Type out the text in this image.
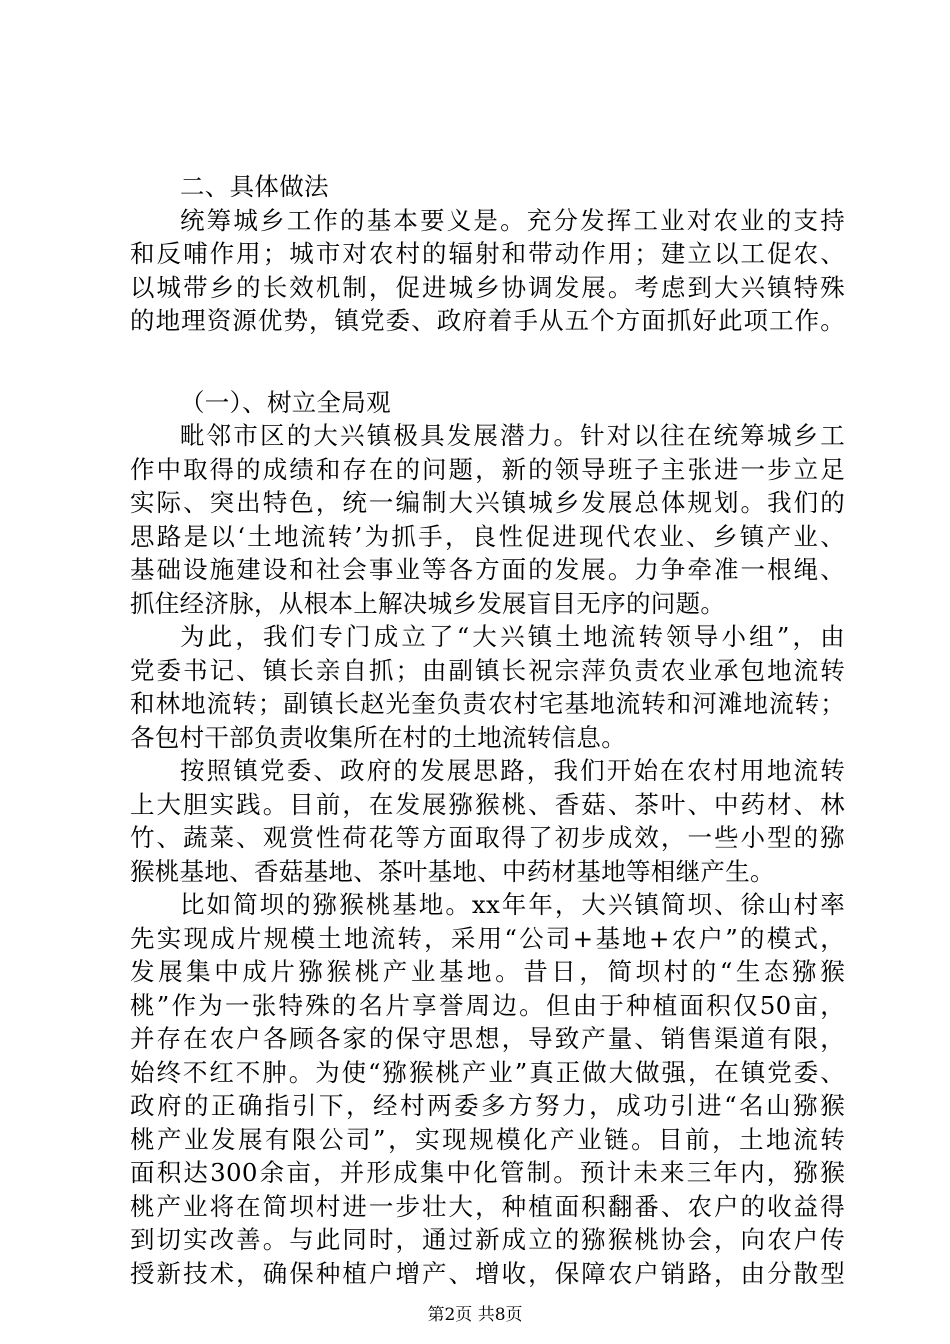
二、具体做法
统筹城乡工作的基本要义是。充分发挥工业对农业的支持
和反哺作用；城市对农村的辐射和带动作用；建立以工促农、
以城带乡的长效机制，促进城乡协调发展。考虑到大兴镇特殊
的地理资源优势，镇党委、政府着手从五个方面抓好此项工作。
（一）、树立全局观
毗邻市区的大兴镇极具发展潜力。针对以往在统筹城乡工
作中取得的成绩和存在的问题，新的领导班子主张进一步立足
实际、突出特色，统一编制大兴镇城乡发展总体规划。我们的
思路是以‘土地流转’为抓手，良性促进现代农业、乡镇产业、
基础设施建设和社会事业等各方面的发展。力争牵准一根绳、
抓住经济脉，从根本上解决城乡发展盲目无序的问题。
为此，我们专门成立了“大兴镇土地流转领导小组”，由
党委书记、镇长亲自抓；由副镇长祝宗萍负责农业承包地流转
和林地流转；副镇长赵光奎负责农村宅基地流转和河滩地流转；
各包村干部负责收集所在村的土地流转信息。
按照镇党委、政府的发展思路，我们开始在农村用地流转
上大胆实践。目前，在发展猕猴桃、香菇、茶叶、中药材、林
竹、蔬菜、观赏性荷花等方面取得了初步成效，一些小型的猕
猴桃基地、香菇基地、茶叶基地、中药材基地等相继产生。
比如简坝的猕猴桃基地。xx年年，大兴镇简坝、徐山村率
先实现成片规模土地流转，采用“公司+基地+农户”的模式，
发展集中成片猕猴桃产业基地。昔日，简坝村的“生态猕猴
桃”作为一张特殊的名片享誉周边。但由于种植面积仅50亩，
并存在农户各顾各家的保守思想，导致产量、销售渠道有限，
始终不红不肿。为使“猕猴桃产业”真正做大做强，在镇党委、
政府的正确指引下，经村两委多方努力，成功引进“名山猕猴
桃产业发展有限公司”，实现规模化产业链。目前，土地流转
面积达300余亩，并形成集中化管制。预计未来三年内，猕猴
桃产业将在简坝村进一步壮大，种植面积翻番、农户的收益得
到切实改善。与此同时，通过新成立的猕猴桃协会，向农户传
授新技术，确保种植户增产、增收，保障农户销路，由分散型
第2页 共8页
